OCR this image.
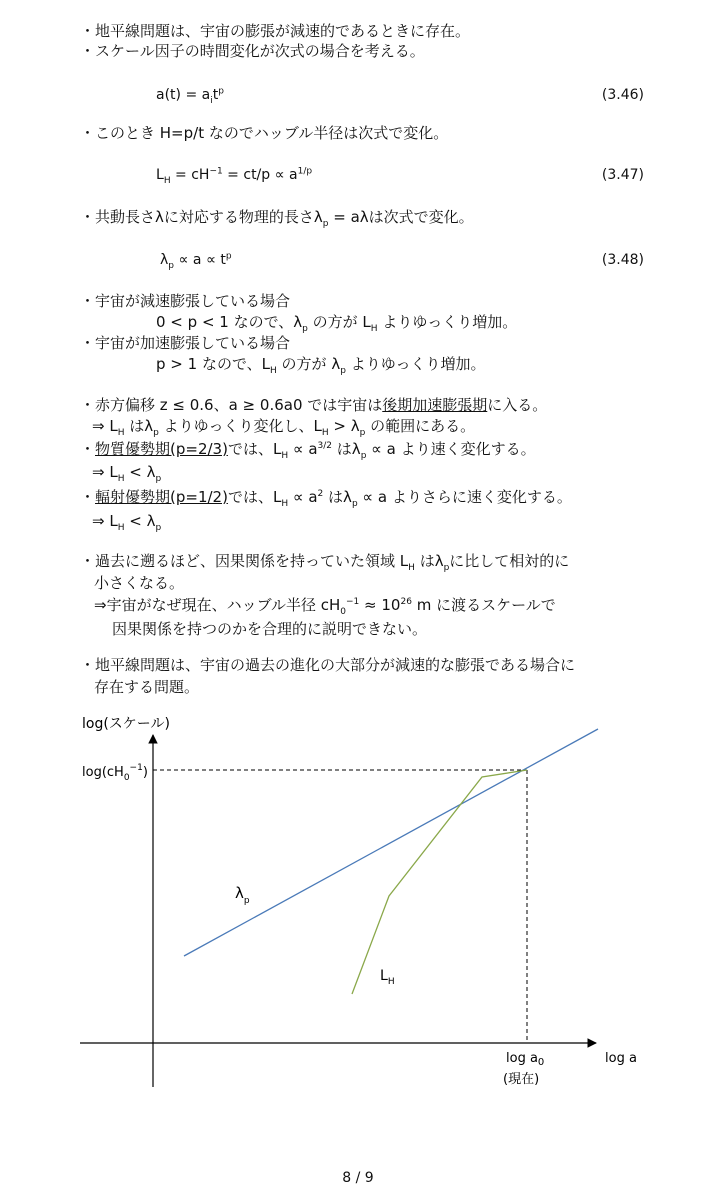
・地平線問題は、宇宙の膨張が減速的であるときに存在。
・スケール因子の時間変化が次式の場合を考える。
$a(t) = a_it^p$	(3.46)
・このとき H=p/t なのでハッブル半径は次式で変化。
$L_H = cH^{-1} = ct/p \propto a^{1/p}$	(3.47)
・共動長さλに対応する物理的長さ$\lambda_p = a\lambda$は次式で変化。
$\lambda_p \propto a \propto t^p$	(3.48)
・宇宙が減速膨張している場合
0 < p < 1 なので、$\lambda_p$ の方が $L_H$ よりゆっくり増加。
・宇宙が加速膨張している場合
p > 1 なので、$L_H$ の方が $\lambda_p$ よりゆっくり増加。
・赤方偏移 z ≤ 0.6、a ≥ 0.6a0 では宇宙は後期加速膨張期に入る。
⇒ $L_H$ は$\lambda_p$ よりゆっくり変化し、$L_H > \lambda_p$ の範囲にある。
・物質優勢期(p=2/3)では、$L_H \propto a^{3/2}$ は$\lambda_p \propto a$ より速く変化する。
⇒ $L_H < \lambda_p$
・輻射優勢期(p=1/2)では、$L_H \propto a^2$ は$\lambda_p \propto a$ よりさらに速く変化する。
⇒ $L_H < \lambda_p$
・過去に遡るほど、因果関係を持っていた領域 $L_H$ は$\lambda_p$に比して相対的に
小さくなる。
⇒宇宙がなぜ現在、ハッブル半径 $cH_0^{-1} \approx 10^{26}$ m に渡るスケールで
因果関係を持つのかを合理的に説明できない。
・地平線問題は、宇宙の過去の進化の大部分が減速的な膨張である場合に
存在する問題。
log(スケール)
$\log(cH_0^{-1})$
$\lambda_p$
$L_H$
$\log a_0$
(現在)
log a
8 / 9
